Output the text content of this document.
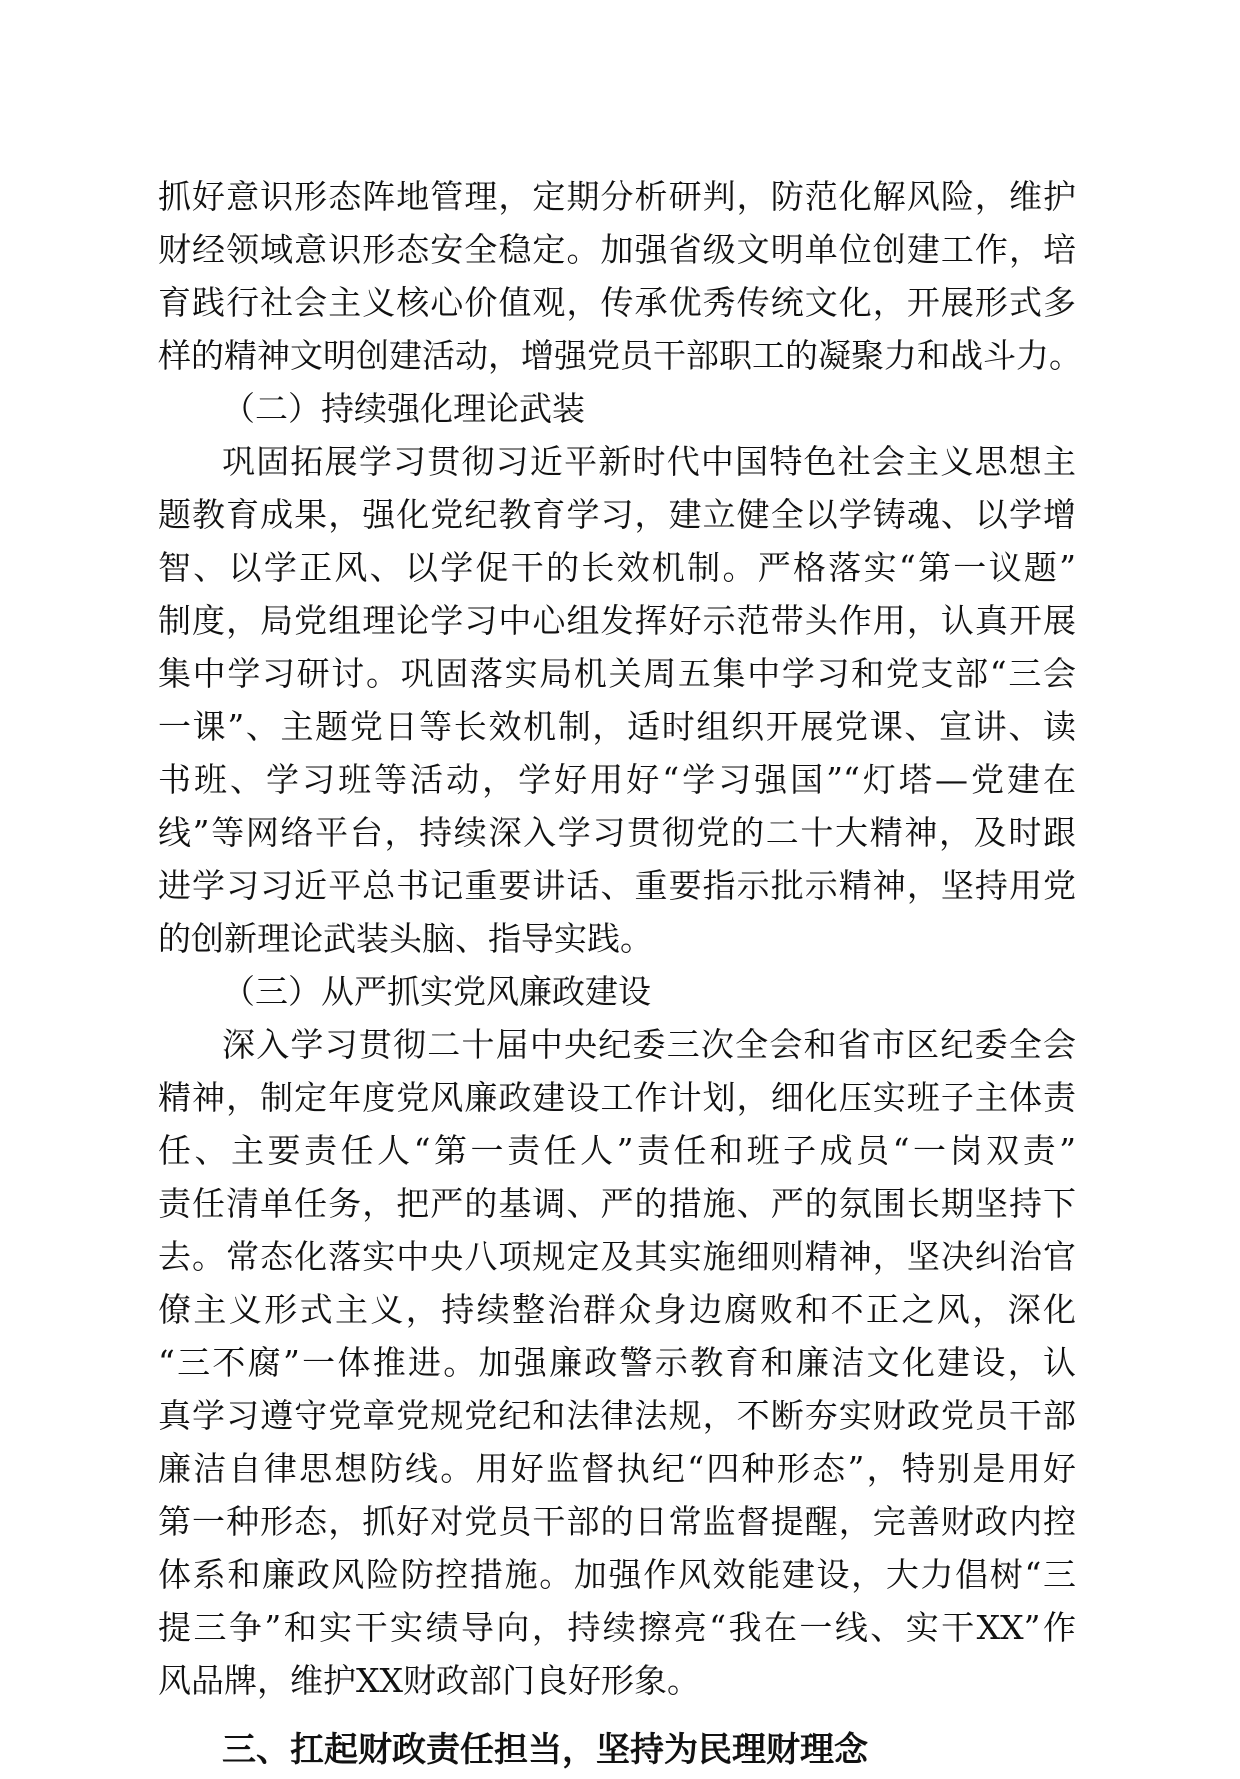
抓好意识形态阵地管理，定期分析研判，防范化解风险，维护
财经领域意识形态安全稳定。加强省级文明单位创建工作，培
育践行社会主义核心价值观，传承优秀传统文化，开展形式多
样的精神文明创建活动，增强党员干部职工的凝聚力和战斗力。
（二）持续强化理论武装
巩固拓展学习贯彻习近平新时代中国特色社会主义思想主
题教育成果，强化党纪教育学习，建立健全以学铸魂、以学增
智、以学正风、以学促干的长效机制。严格落实“第一议题”
制度，局党组理论学习中心组发挥好示范带头作用，认真开展
集中学习研讨。巩固落实局机关周五集中学习和党支部“三会
一课”、主题党日等长效机制，适时组织开展党课、宣讲、读
书班、学习班等活动，学好用好“学习强国”“灯塔—党建在
线”等网络平台，持续深入学习贯彻党的二十大精神，及时跟
进学习习近平总书记重要讲话、重要指示批示精神，坚持用党
的创新理论武装头脑、指导实践。
（三）从严抓实党风廉政建设
深入学习贯彻二十届中央纪委三次全会和省市区纪委全会
精神，制定年度党风廉政建设工作计划，细化压实班子主体责
任、主要责任人“第一责任人”责任和班子成员“一岗双责”
责任清单任务，把严的基调、严的措施、严的氛围长期坚持下
去。常态化落实中央八项规定及其实施细则精神，坚决纠治官
僚主义形式主义，持续整治群众身边腐败和不正之风，深化
“三不腐”一体推进。加强廉政警示教育和廉洁文化建设，认
真学习遵守党章党规党纪和法律法规，不断夯实财政党员干部
廉洁自律思想防线。用好监督执纪“四种形态”，特别是用好
第一种形态，抓好对党员干部的日常监督提醒，完善财政内控
体系和廉政风险防控措施。加强作风效能建设，大力倡树“三
提三争”和实干实绩导向，持续擦亮“我在一线、实干XX”作
风品牌，维护XX财政部门良好形象。
三、扛起财政责任担当，坚持为民理财理念
